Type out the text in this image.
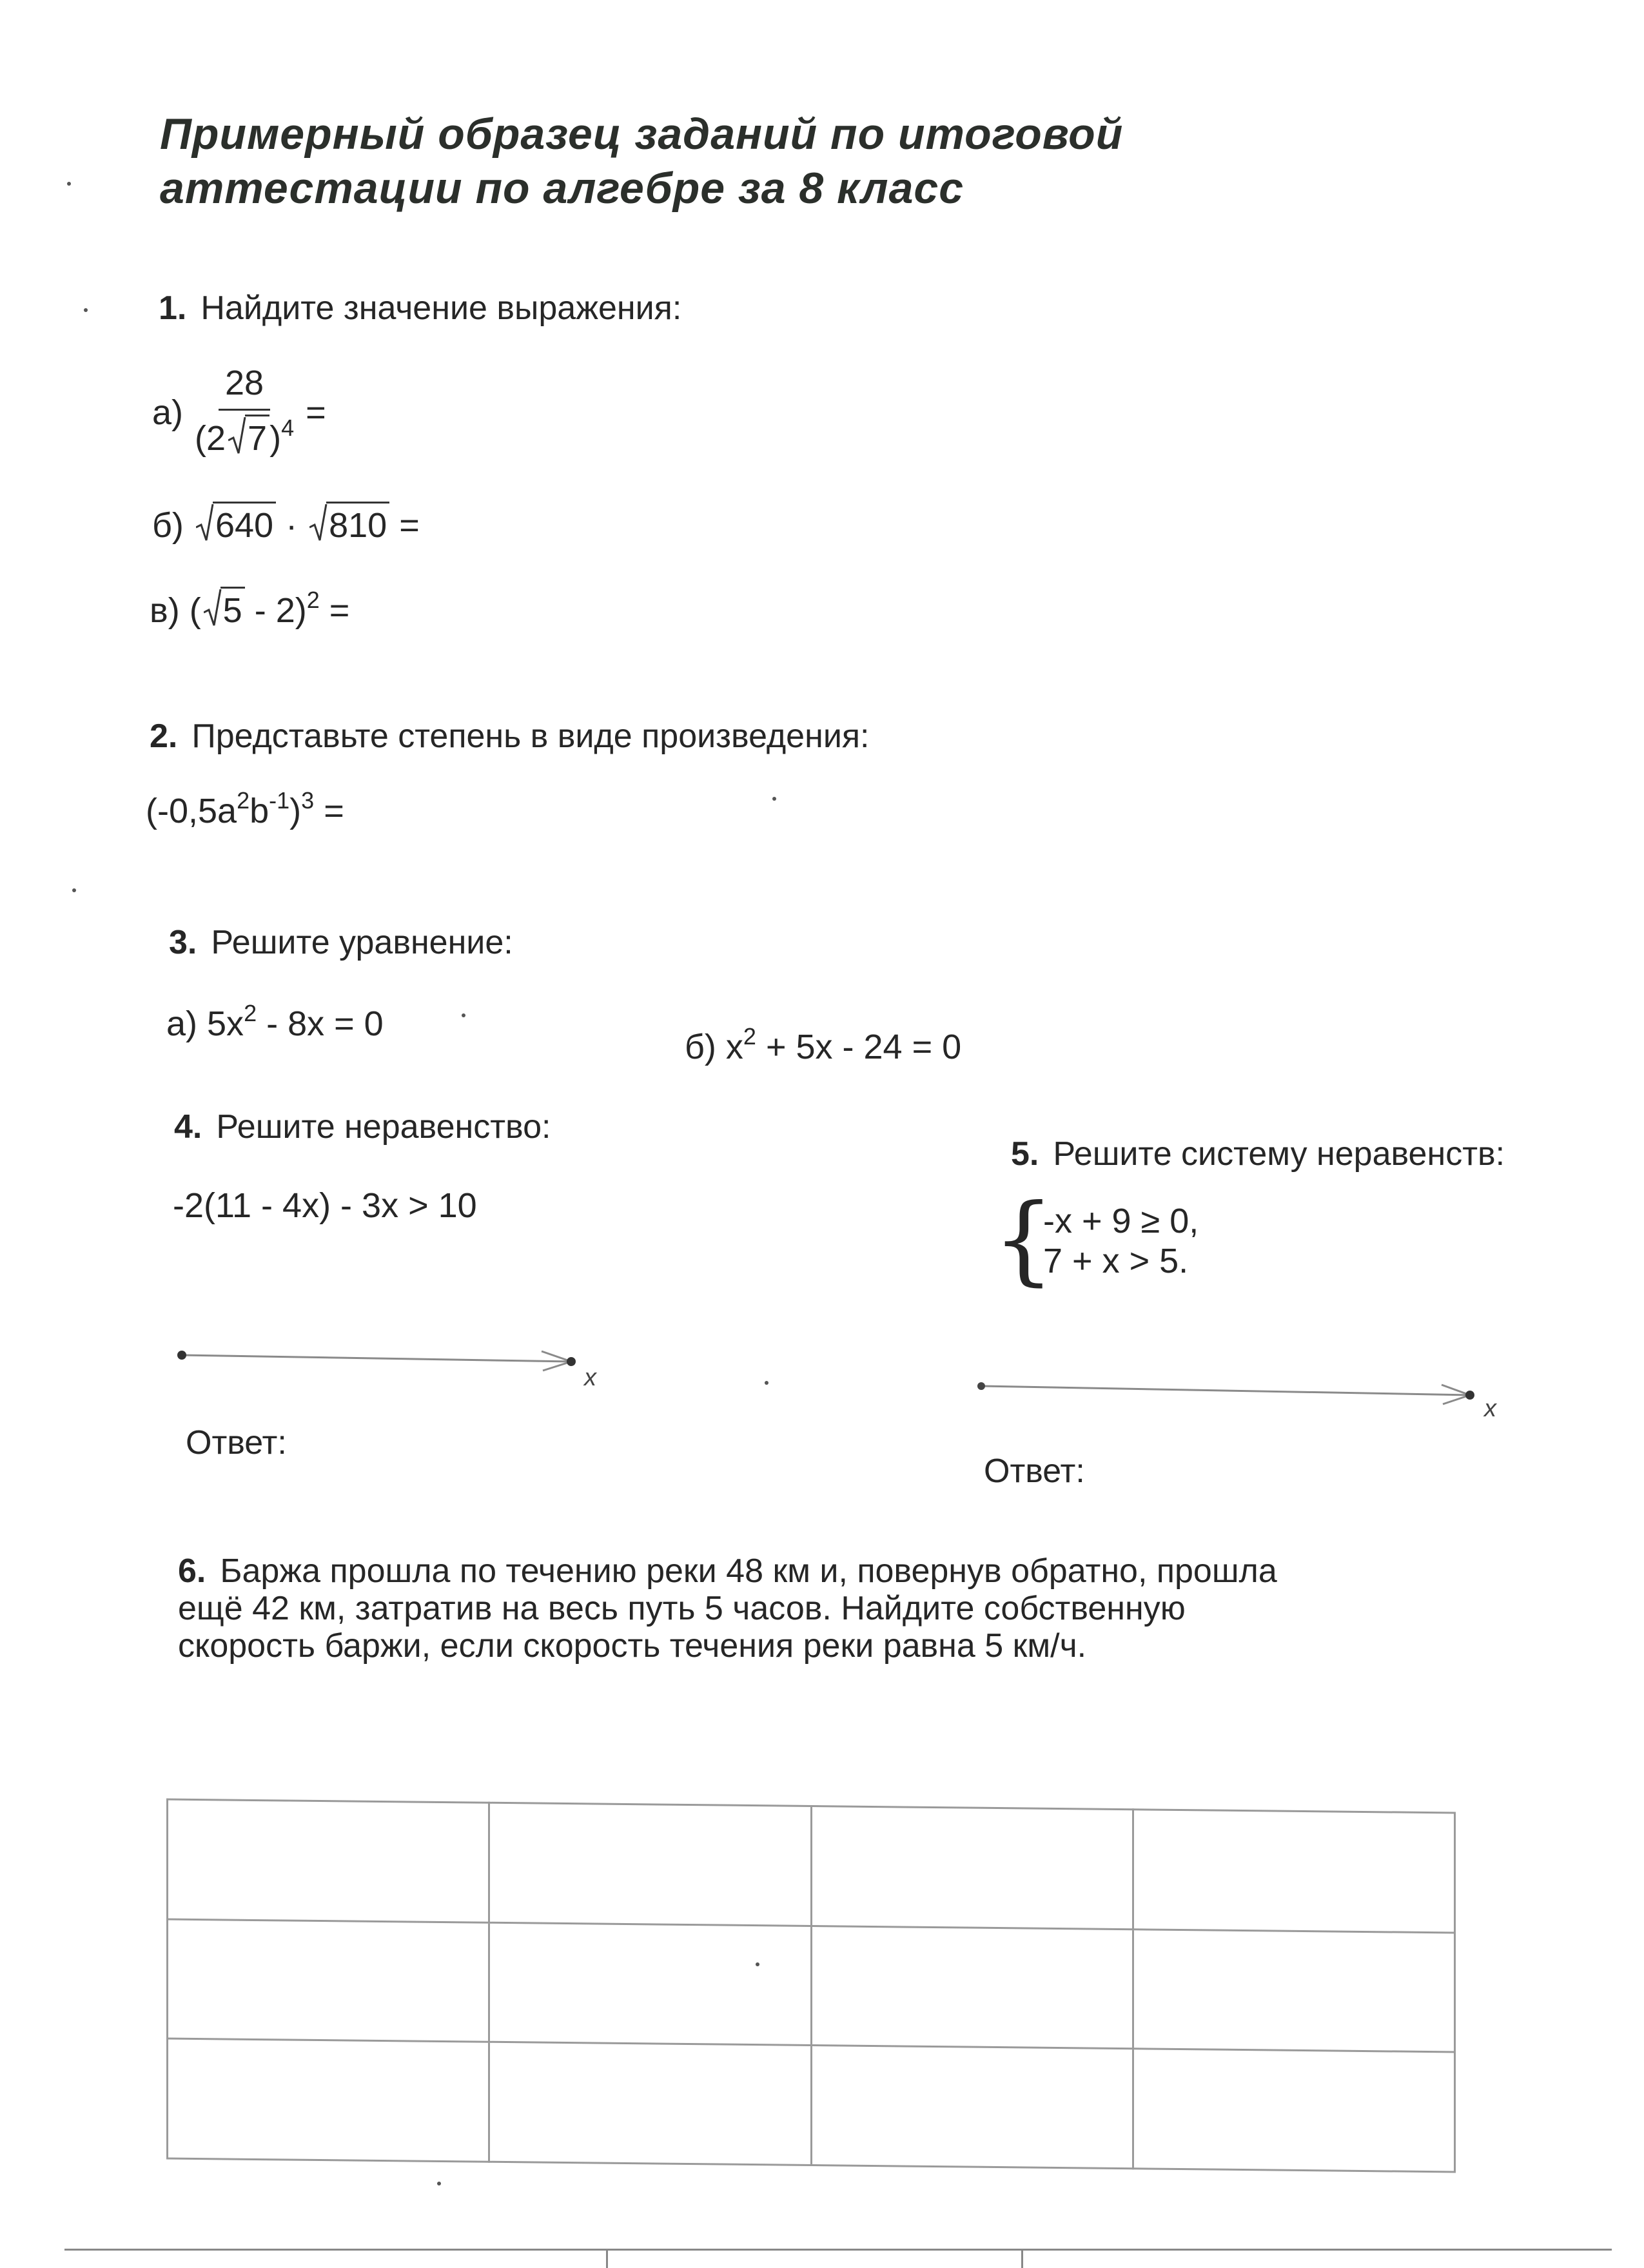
Примерный образец заданий по итоговой
аттестации по алгебре за 8 класс
1. Найдите значение выражения:
$а) \frac{28}{(2 7)^4}$ =
б) 640 · 810 =
в) ( 5 - 2)$^2$ =
2. Представьте степень в виде произведения:
$(-0,5a^2b^{-1})^3$ =
3. Решите уравнение:
а) $5x^2 - 8x = 0$
б) $x^2 + 5x - 24 = 0$
4. Решите неравенство:
-2(11 - 4x) - 3x > 10
x
Ответ:
5. Решите систему неравенств:
{
-x + 9 ≥ 0,
7 + x > 5.
x
Ответ:
6. Баржа прошла по течению реки 48 км и, повернув обратно, прошла ещё 42 км, затратив на весь путь 5 часов. Найдите собственную скорость баржи, если скорость течения реки равна 5 км/ч.
